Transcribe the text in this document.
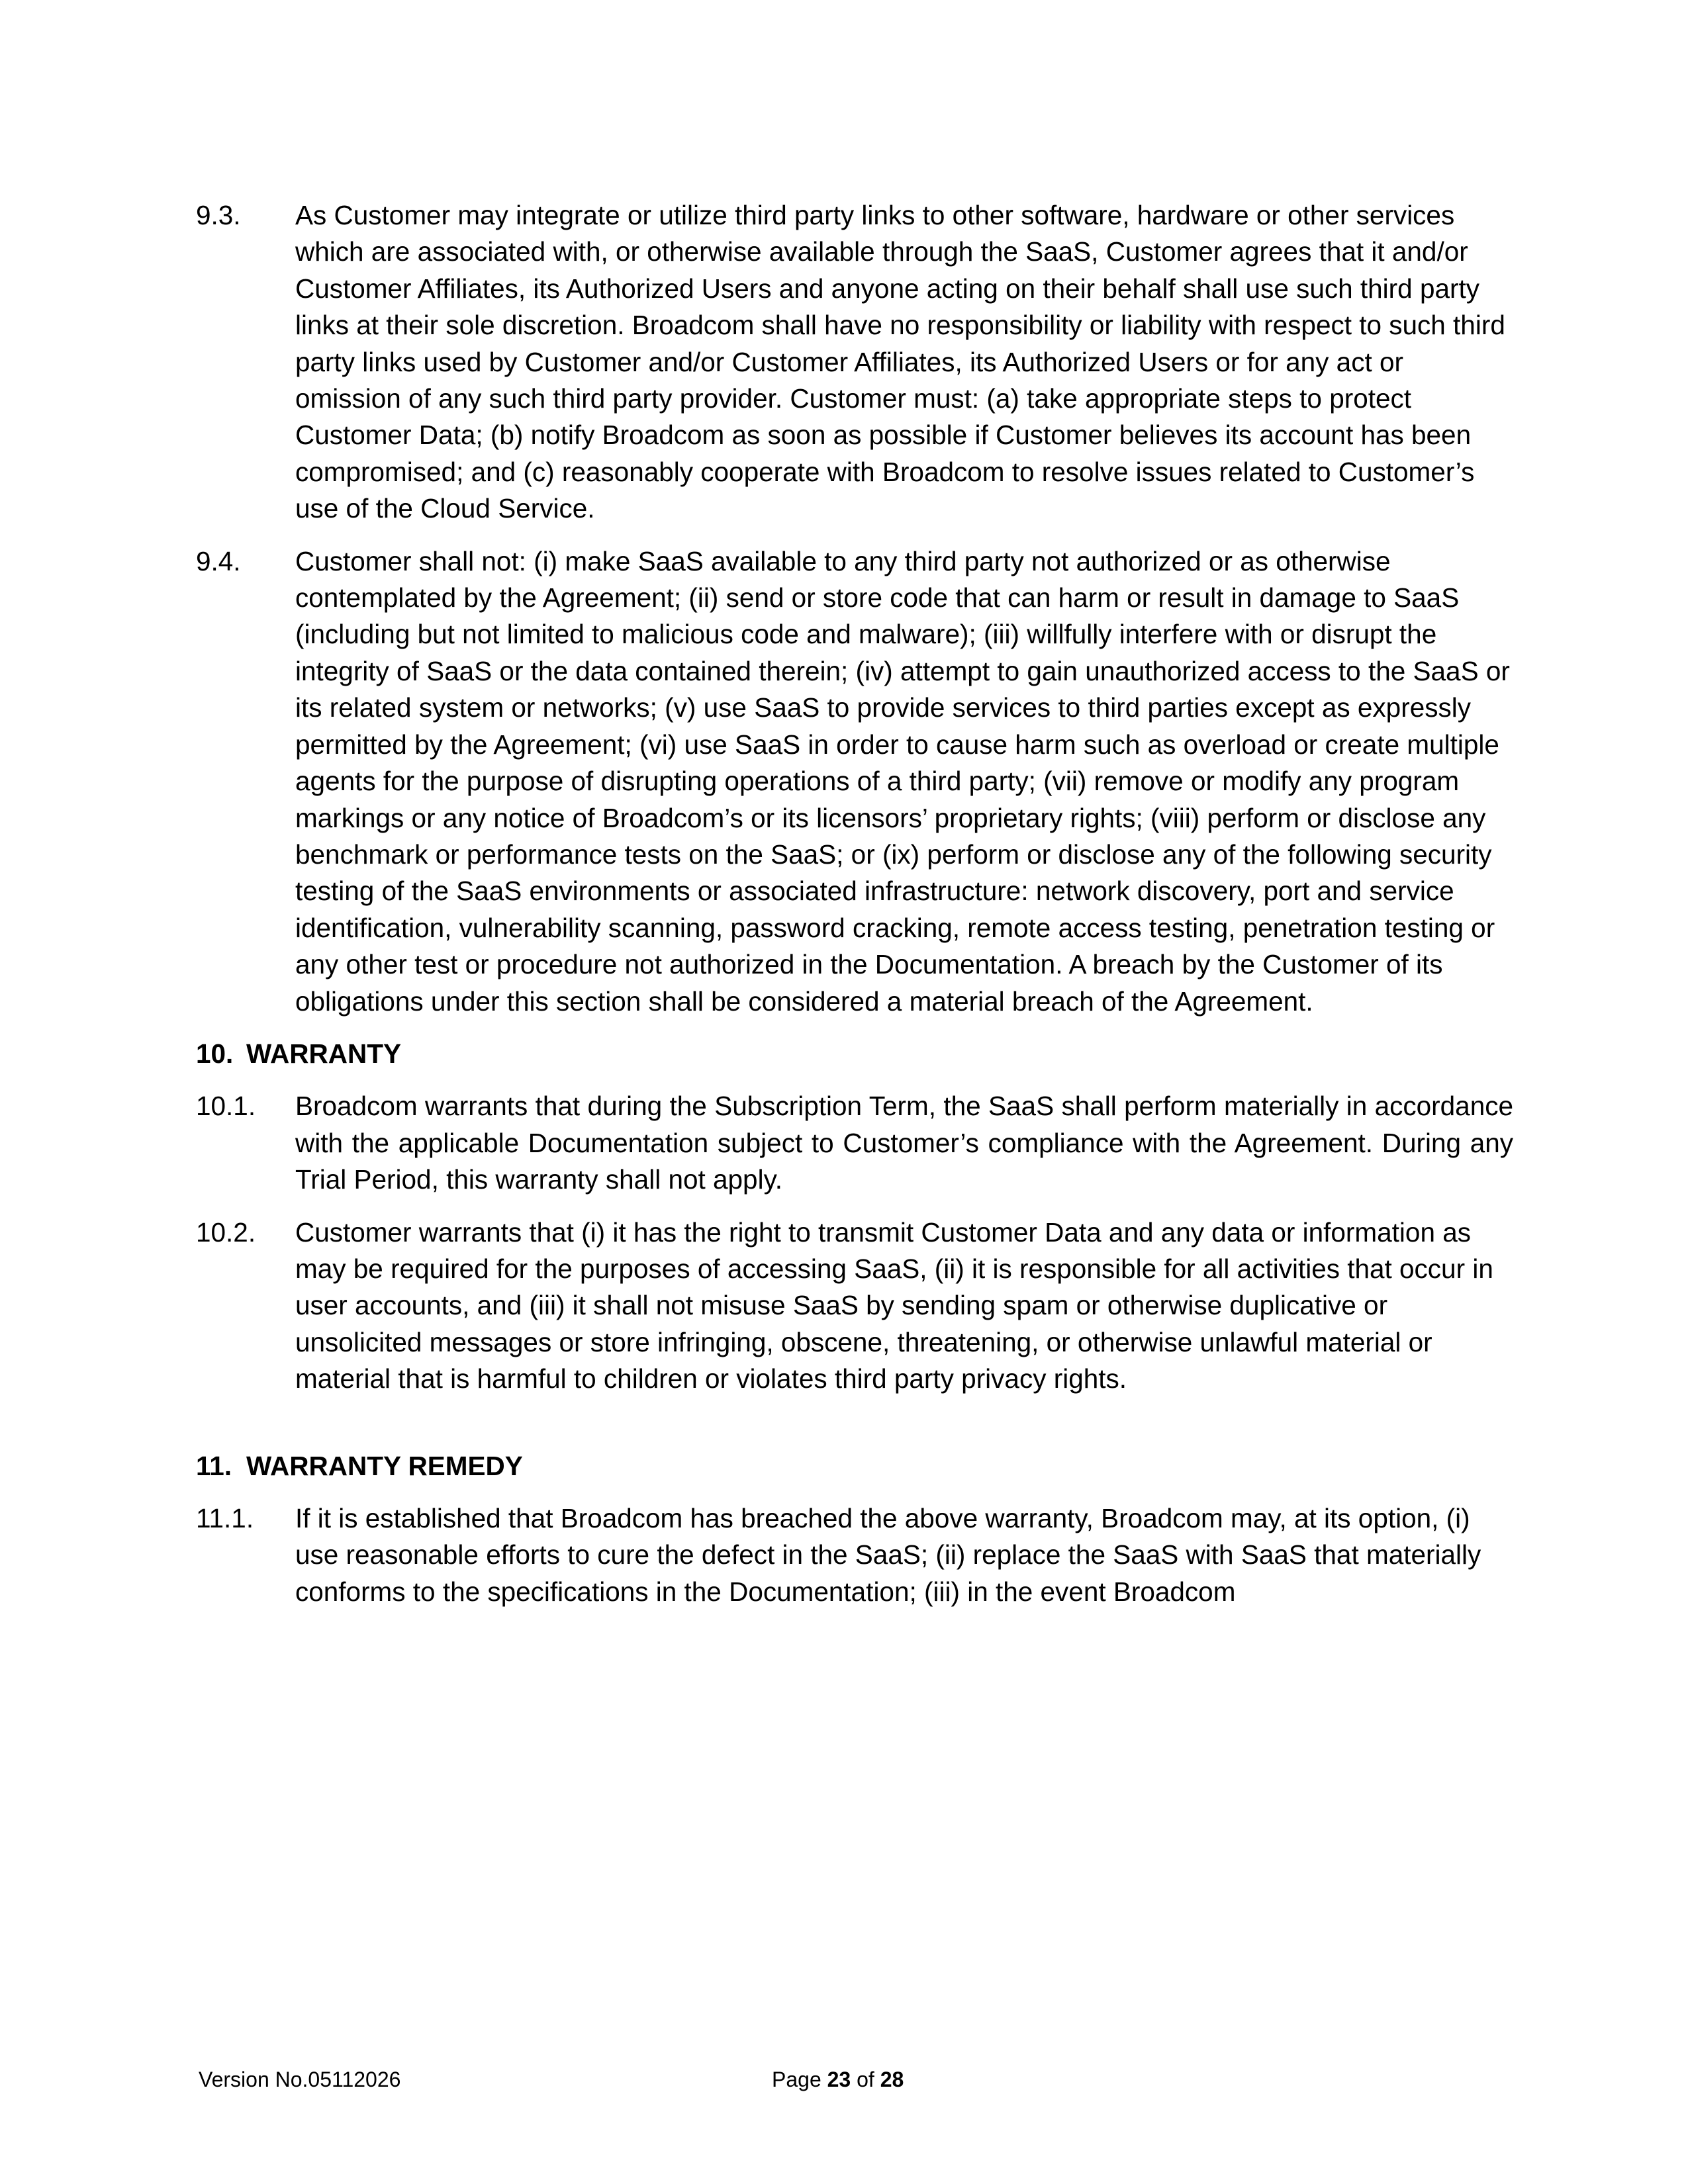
9.3.	As Customer may integrate or utilize third party links to other software, hardware or other services which are associated with, or otherwise available through the SaaS, Customer agrees that it and/or Customer Affiliates, its Authorized Users and anyone acting on their behalf shall use such third party links at their sole discretion. Broadcom shall have no responsibility or liability with respect to such third party links used by Customer and/or Customer Affiliates, its Authorized Users or for any act or omission of any such third party provider. Customer must: (a) take appropriate steps to protect Customer Data; (b) notify Broadcom as soon as possible if Customer believes its account has been compromised; and (c) reasonably cooperate with Broadcom to resolve issues related to Customer’s use of the Cloud Service.
9.4.	Customer shall not: (i) make SaaS available to any third party not authorized or as otherwise contemplated by the Agreement; (ii) send or store code that can harm or result in damage to SaaS (including but not limited to malicious code and malware); (iii) willfully interfere with or disrupt the integrity of SaaS or the data contained therein; (iv) attempt to gain unauthorized access to the SaaS or its related system or networks; (v) use SaaS to provide services to third parties except as expressly permitted by the Agreement; (vi) use SaaS in order to cause harm such as overload or create multiple agents for the purpose of disrupting operations of a third party; (vii) remove or modify any program markings or any notice of Broadcom’s or its licensors’ proprietary rights; (viii) perform or disclose any benchmark or performance tests on the SaaS; or (ix) perform or disclose any of the following security testing of the SaaS environments or associated infrastructure: network discovery, port and service identification, vulnerability scanning, password cracking, remote access testing, penetration testing or any other test or procedure not authorized in the Documentation. A breach by the Customer of its obligations under this section shall be considered a material breach of the Agreement.
10. WARRANTY
10.1.	Broadcom warrants that during the Subscription Term, the SaaS shall perform materially in accordance with the applicable Documentation subject to Customer’s compliance with the Agreement. During any Trial Period, this warranty shall not apply.
10.2.	Customer warrants that (i) it has the right to transmit Customer Data and any data or information as may be required for the purposes of accessing SaaS, (ii) it is responsible for all activities that occur in user accounts, and (iii) it shall not misuse SaaS by sending spam or otherwise duplicative or unsolicited messages or store infringing, obscene, threatening, or otherwise unlawful material or material that is harmful to children or violates third party privacy rights.
11. WARRANTY REMEDY
11.1.	If it is established that Broadcom has breached the above warranty, Broadcom may, at its option, (i) use reasonable efforts to cure the defect in the SaaS; (ii) replace the SaaS with SaaS that materially conforms to the specifications in the Documentation; (iii) in the event Broadcom
Version No.05112026	Page 23 of 28
